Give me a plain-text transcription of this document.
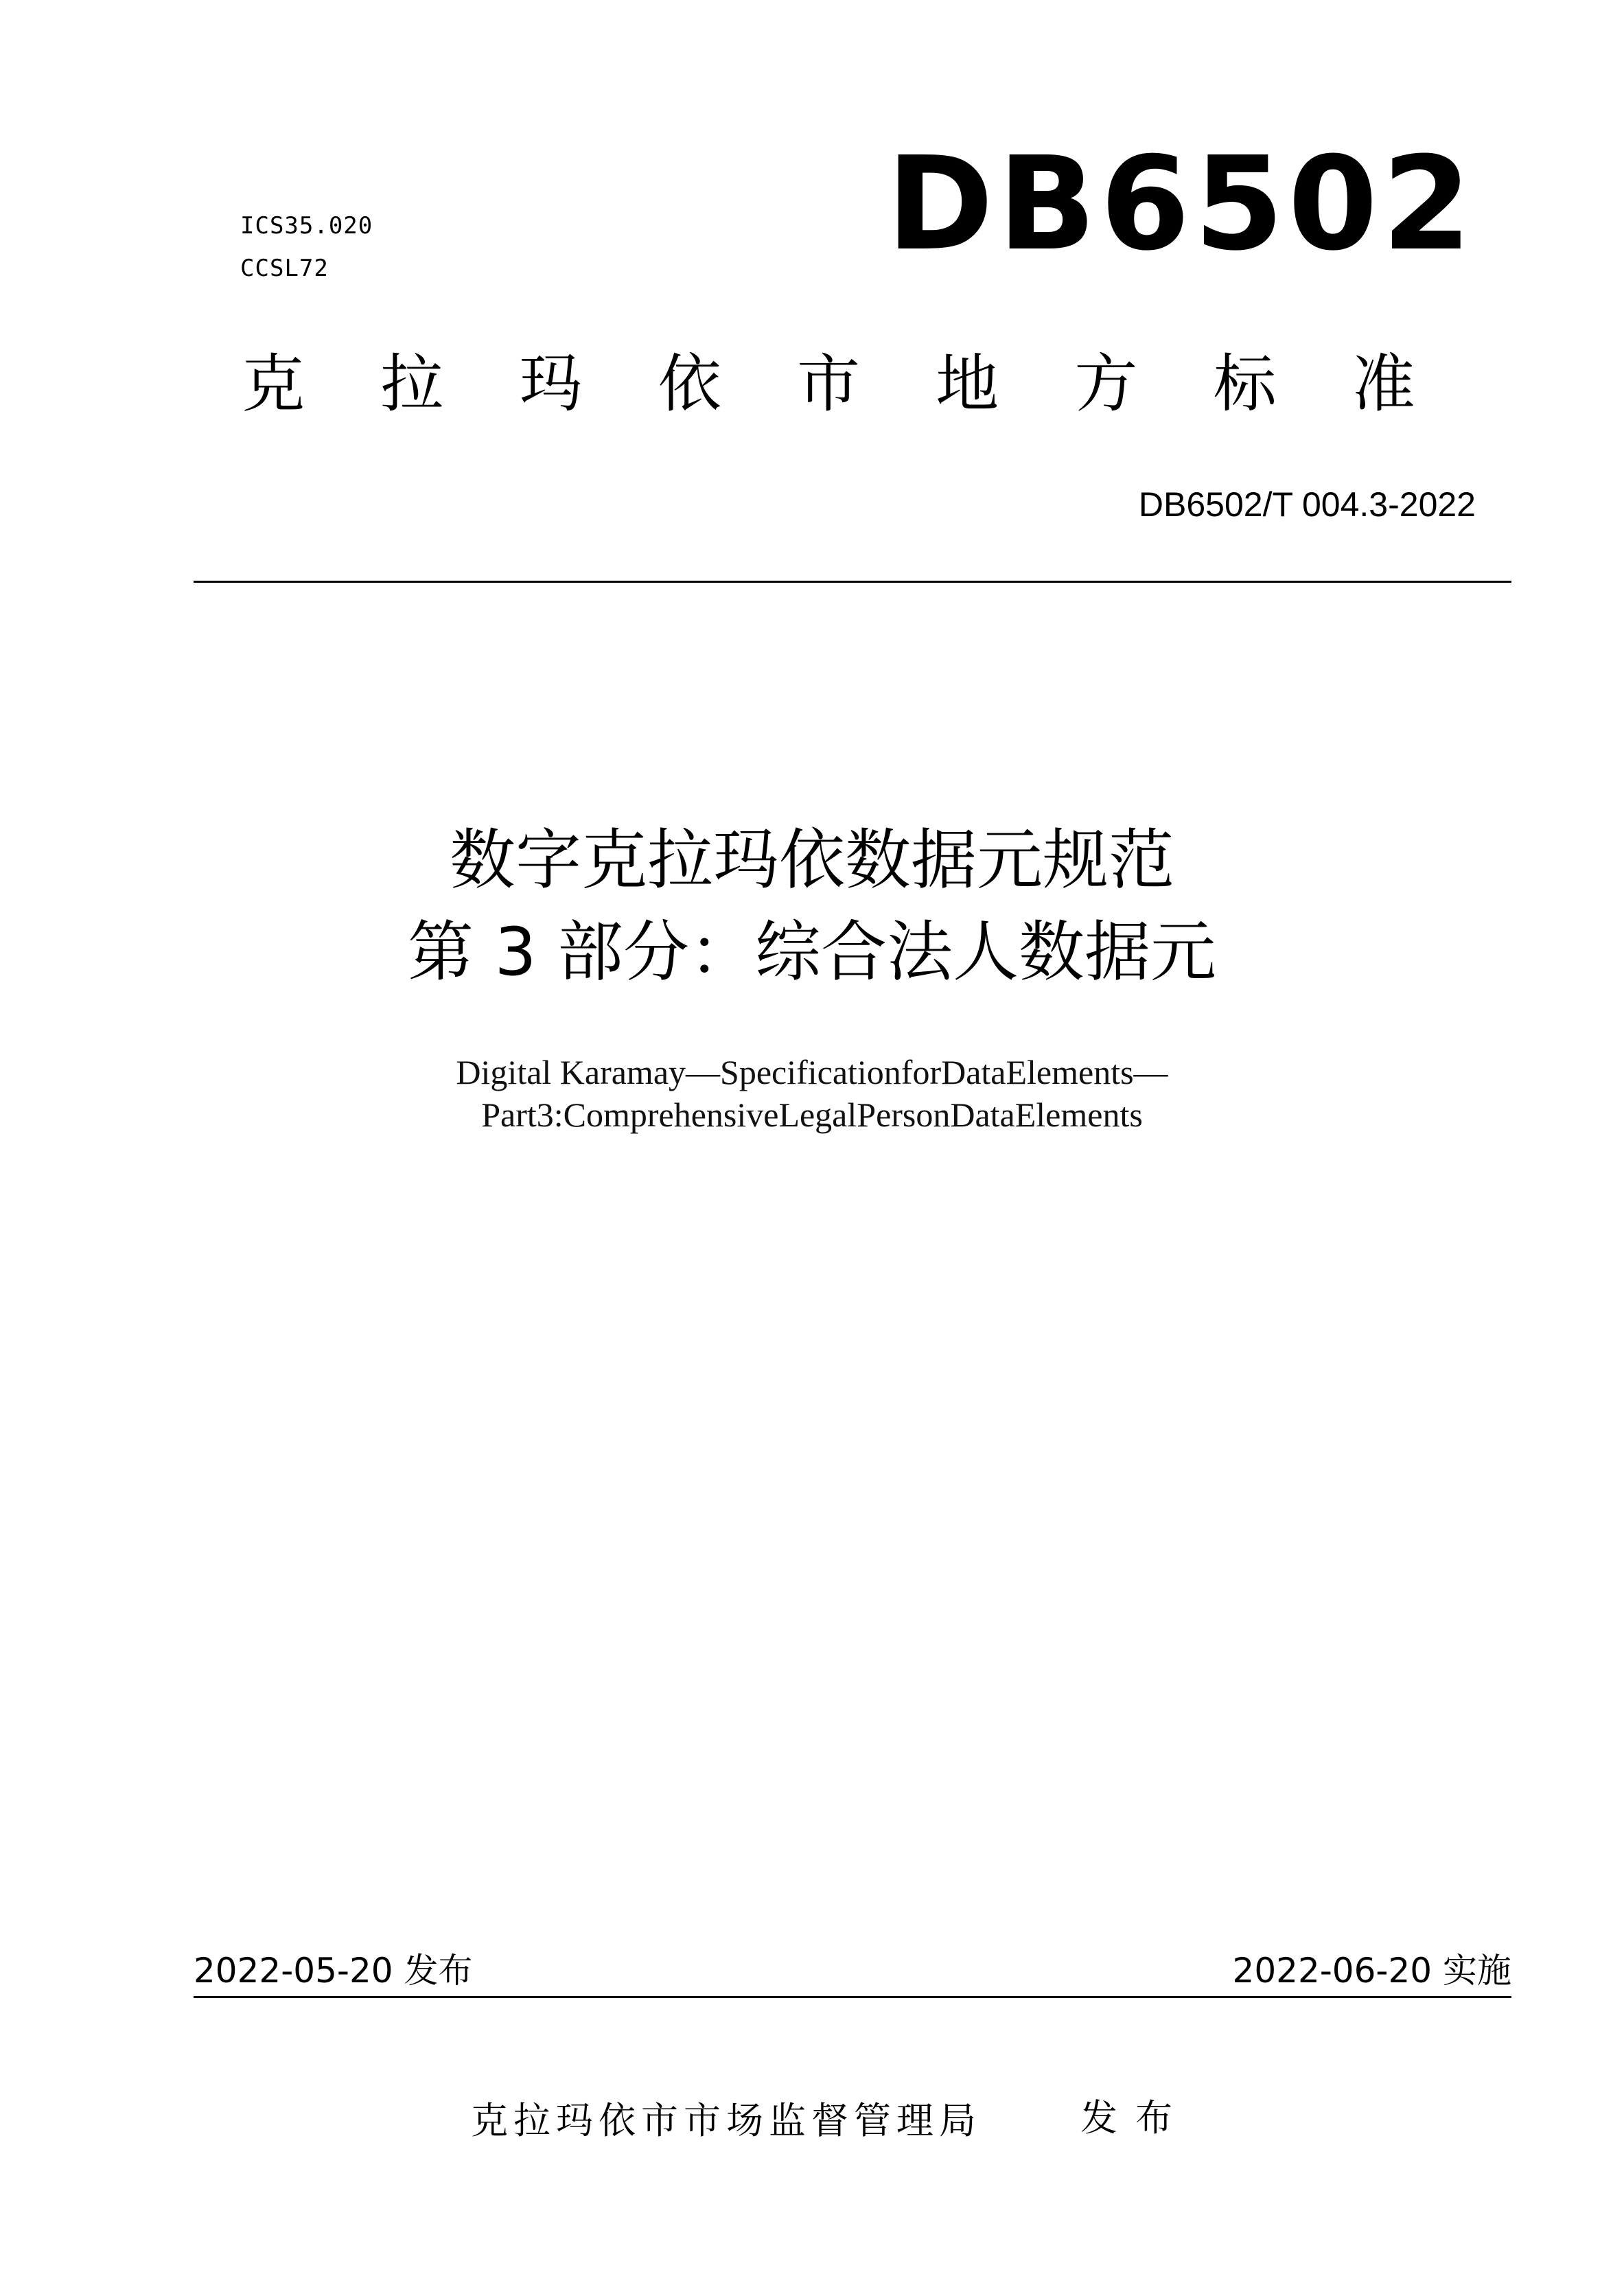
ICS35.020
CCSL72	DB6502
克 拉 玛 依 市 地 方 标 准
DB6502/T 004.3-2022
数字克拉玛依数据元规范
第 3 部分：综合法人数据元
Digital Karamay—SpecificationforDataElements—
Part3:ComprehensiveLegalPersonDataElements
2022-05-20 发布	2022-06-20 实施
克拉玛依市市场监督管理局	发布
